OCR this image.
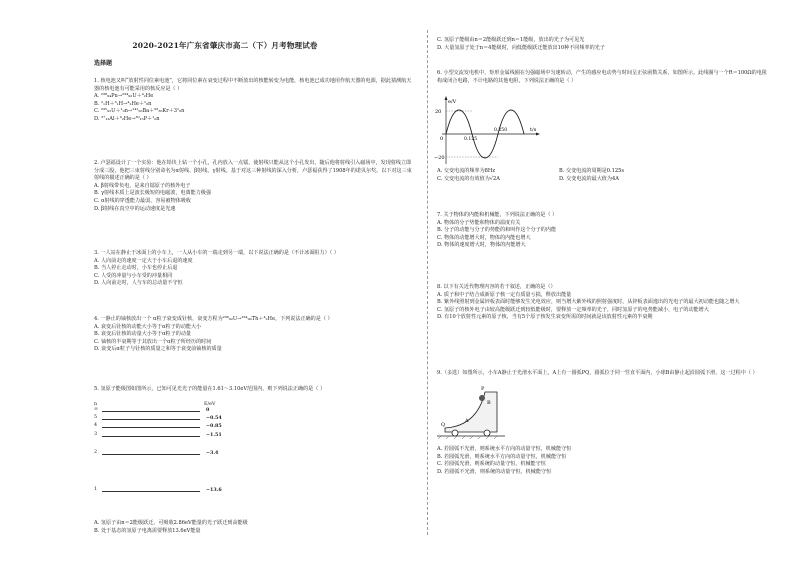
2020-2021年广东省肇庆市高二（下）月考物理试卷
选择题
1. 核电池又叫“放射性同位素电池”，它将同位素在衰变过程中不断放出的核能转变为电能，核电池已成功地用作航天器的电源，据此猜测航天器的核电池有可能采用的核反应是（ ）
A. ²³⁸₉₄Pu→²³⁴₉₂U＋⁴₂He
B. ²₁H＋³₁H→⁴₂He＋¹₀n
C. ²³⁵₉₂U＋¹₀n→¹⁴¹₅₆Ba＋⁹²₃₆Kr＋3¹₀n
D. ²⁷₁₃Al＋⁴₂He→³⁰₁₅P＋¹₀n
2. 卢瑟福设计了一个实验：他在铅块上钻一个小孔，孔内放入一点镭，使射线只能从这个小孔发出，随后他将射线引入磁场中，发现射线立即分成三股，他把三束射线分别命名为α射线、β射线、γ射线。基于对这三种射线的深入分析，卢瑟福获得了1908年的诺贝尔奖。以下对这三束射线的描述正确的是（ ）
A. β射线带负电，是来自镭原子的核外电子
B. γ射线本质上是波长极短的电磁波，电离能力极强
C. α射线的穿透能力最弱，容易被物体吸收
D. β射线在真空中的运动速度是光速
3. 一人站在静止于冰面上的小车上，一人从小车的一端走到另一端，以下说法正确的是（不计冰面阻力）（ ）
A. 人向前走的速度一定大于小车后退的速度
B. 当人停止走动时，小车也停止后退
C. 人受的冲量与小车受的冲量相同
D. 人向前走时，人与车的总动量不守恒
4. 一静止的铀核放出一个 α粒子衰变成钍核，衰变方程为²³⁸₉₂U→²³⁴₉₀Th＋⁴₂He，下列说法正确的是（ ）
A. 衰变后钍核的动能大小等于α粒子的动能大小
B. 衰变后钍核的动量大小等于α粒子的动量
C. 铀核的半衰期等于其放出一个α粒子所经历的时间
D. 衰变后α粒子与钍核的质量之和等于衰变前铀核的质量
5. 氢原子能级图如图所示，已知可见光光子的能量在1.61～3.10eV范围内，则下列说法正确的是（ ）
n	E/eV
∞	0
5	−0.54
4	−0.85
3	−1.51
2	−3.4
1	−13.6
A. 氢原子由n＝2能级跃迁，可吸收2.86eV能量的光子跃迁到高能级
B. 处于基态的氢原子电离需要释放13.6eV能量
C. 氢原子能级由n＝2能级跃迁到n＝1能级，放出的光子为可见光
D. 大量氢原子处于n＝4能级时，向低能级跃迁能放出10种不同频率的光子
6. 小型交流发电机中，矩形金属线圈在匀强磁场中匀速转动，产生的感应电动势与时间呈正弦函数关系，如图所示。此线圈与一个R＝100Ω的电阻构成闭合电路，不计电路的其他电阻，下列说法正确的是（ ）
e/V
20
−20
0	0.125
0.250	t/s
A. 交变电流的频率为8Hz	B. 交变电流的周期是0.125s
C. 交变电流的有效值为√2A	D. 交变电流的最大值为4A
7. 关于物体的内能和机械能，下列说法正确的是（ ）
A. 物体的分子势能和物体的温度有关
B. 分子的动能与分子的势能的和叫作这个分子的内能
C. 物体的动能增大时，物体的内能也增大
D. 物体的速度增大时，物体的内能增大
8. 以下有关近代物理内容的若干叙述，正确的是（）
A. 质子和中子结合成新原子核一定有质量亏损，释放出能量
B. 紫外线照射到金属锌板表面时能够发生光电效应，则当增大紫外线的照射强度时，从锌板表面逸出的光电子的最大初动能也随之增大
C. 氢原子的核外电子由较高能级跃迁到较低能级时，要释放一定频率的光子，同时氢原子的电势能减小，电子的动能增大
D. 有10个放射性元素的原子核，当有5个原子核发生衰变所需的时间就是该放射性元素的半衰期
9.（多选）如图所示，小车A静止于光滑水平面上，A上有一圆弧PQ，圆弧位于同一竖直平面内，小球B由静止起沿圆弧下滑，这一过程中（ ）
P
Q
A
B
A. 若圆弧不光滑，则系统水平方向的动量守恒，机械能守恒
B. 若圆弧光滑，则系统水平方向的动量守恒，机械能守恒
C. 若圆弧光滑，则系统的动量守恒，机械能守恒
D. 若圆弧不光滑，则系统的动量守恒，机械能守恒
